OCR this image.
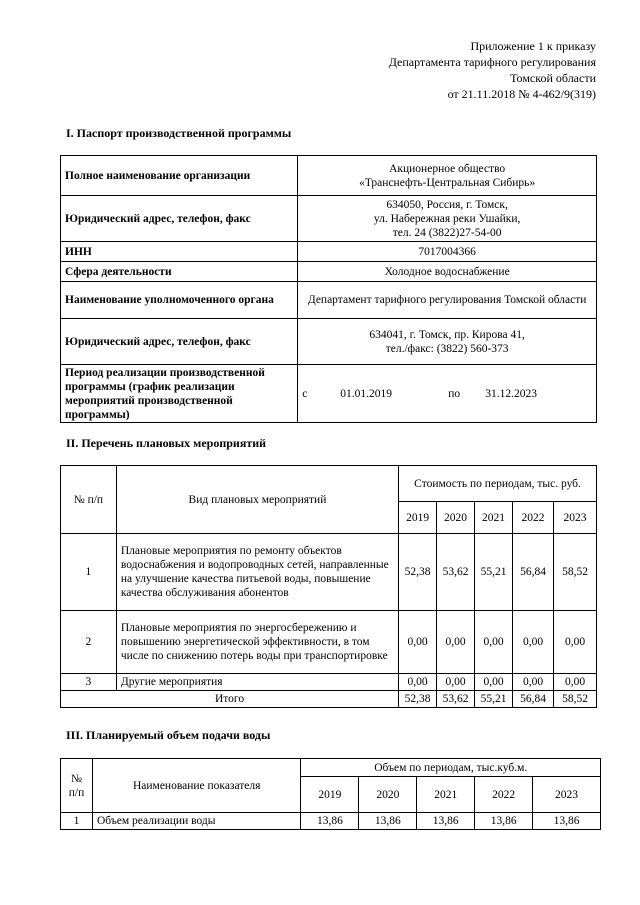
Приложение 1 к приказу
Департамента тарифного регулирования
Томской области
от 21.11.2018 № 4-462/9(319)
I. Паспорт производственной программы
Полное наименование организации	Акционерное общество
«Транснефть-Центральная Сибирь»

Юридический адрес, телефон, факс	634050, Россия, г. Томск,
ул. Набережная реки Ушайки,
тел. 24 (3822)27-54-00

ИНН	7017004366
Сфера деятельности	Холодное водоснабжение
Наименование уполномоченного органа	Департамент тарифного регулирования Томской области
Юридический адрес, телефон, факс	634041, г. Томск, пр. Кирова 41,
тел./факс: (3822) 560-373

Период реализации производственной программы (график реализации мероприятий производственной программы)	с 01.01.2019 по 31.12.2023
II. Перечень плановых мероприятий
№ п/п	Вид плановых мероприятий	Стоимость по периодам, тыс. руб.				
		2019	2020	2021	2022	2023
1	Плановые мероприятия по ремонту объектов водоснабжения и водопроводных сетей, направленные на улучшение качества питьевой воды, повышение качества обслуживания абонентов	52,38	53,62	55,21	56,84	58,52
2	Плановые мероприятия по энергосбережению и повышению энергетической эффективности, в том числе по снижению потерь воды при транспортировке	0,00	0,00	0,00	0,00	0,00
3	Другие мероприятия	0,00	0,00	0,00	0,00	0,00
Итого		52,38	53,62	55,21	56,84	58,52
III. Планируемый объем подачи воды
№ п/п	Наименование показателя	Объем по периодам, тыс.куб.м.				
		2019	2020	2021	2022	2023
1	Объем реализации воды	13,86	13,86	13,86	13,86	13,86
